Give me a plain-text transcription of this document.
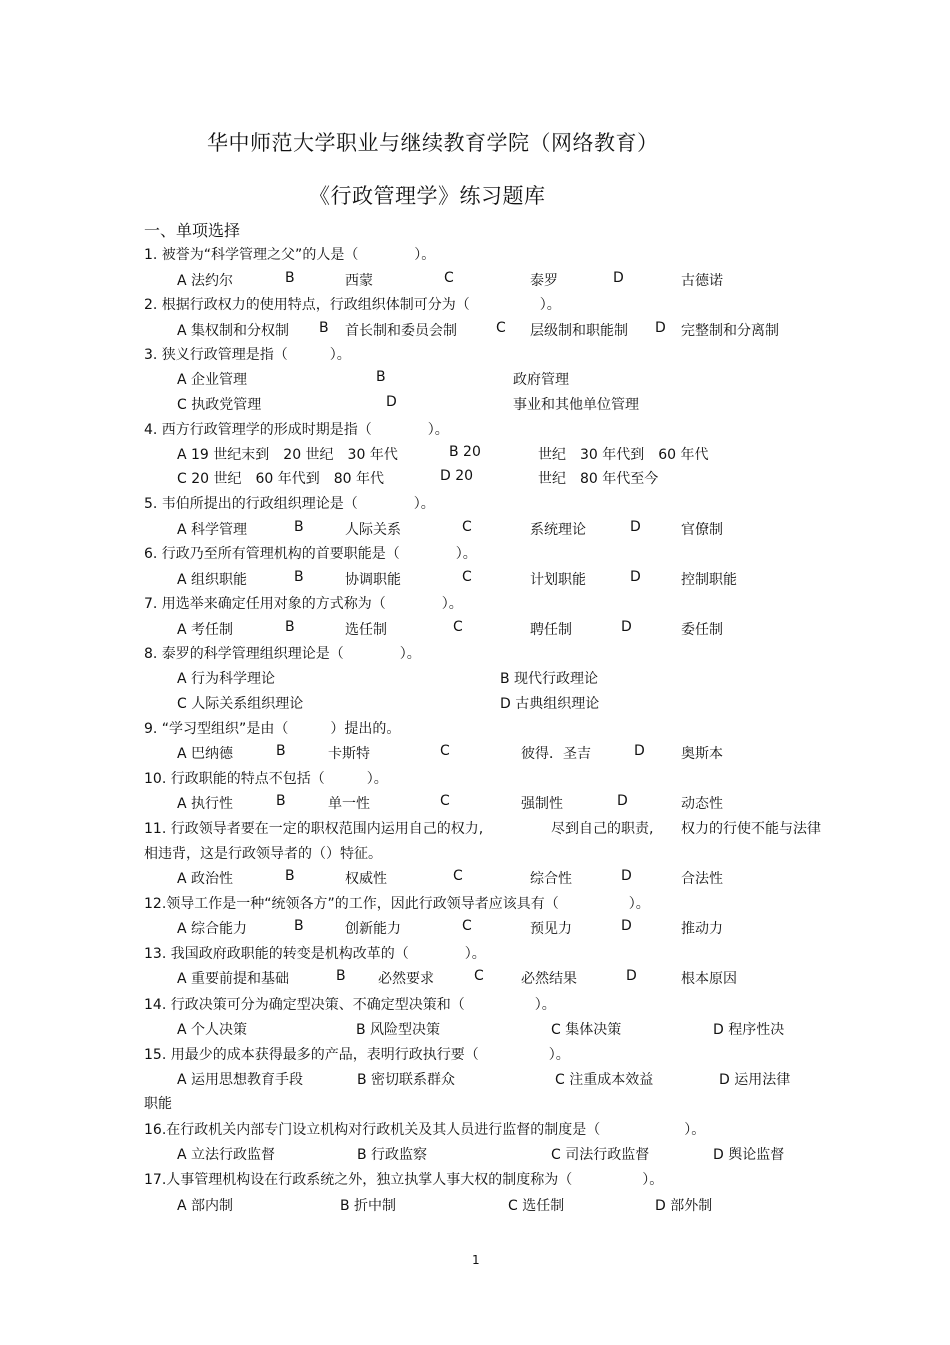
华中师范大学职业与继续教育学院（网络教育）
《行政管理学》练习题库
一、单项选择
1. 被誉为“科学管理之父”的人是（　　　　）。
A 法约尔	B	西蒙	C	泰罗	D	古德诺
2. 根据行政权力的使用特点，行政组织体制可分为（　　　　　）。
A 集权制和分权制 B 首长制和委员会制	C 层级制和职能制 D 完整制和分离制
3. 狭义行政管理是指（　　　）。
A 企业管理	B	政府管理
C 执政党管理	D	事业和其他单位管理
4. 西方行政管理学的形成时期是指（　　　　）。
A 19 世纪末到　20 世纪　30 年代	B 20	世纪　30 年代到　60 年代
C 20 世纪　60 年代到　80 年代	D 20	世纪　80 年代至今
5. 韦伯所提出的行政组织理论是（　　　　）。
A 科学管理	B	人际关系	C	系统理论	D	官僚制
6. 行政乃至所有管理机构的首要职能是（　　　　）。
A 组织职能	B	协调职能	C	计划职能	D	控制职能
7. 用选举来确定任用对象的方式称为（　　　　）。
A 考任制	B	选任制	C	聘任制	D	委任制
8. 泰罗的科学管理组织理论是（　　　　）。
A 行为科学理论	B 现代行政理论
C 人际关系组织理论	D 古典组织理论
9. “学习型组织”是由（　　　）提出的。
A 巴纳德	B	卡斯特	C	彼得．圣吉	D	奥斯本
10. 行政职能的特点不包括（　　　）。
A 执行性	B	单一性	C	强制性	D	动态性
11. 行政领导者要在一定的职权范围内运用自己的权力,	尽到自己的职责, 权力的行使不能与法律
相违背，这是行政领导者的（）特征。
A 政治性	B	权威性	C	综合性	D	合法性
12.领导工作是一种“统领各方”的工作，因此行政领导者应该具有（　　　　　）。
A 综合能力	B	创新能力	C	预见力	D	推动力
13. 我国政府政职能的转变是机构改革的（　　　　）。
A 重要前提和基础	B 必然要求	C	必然结果	D	根本原因
14. 行政决策可分为确定型决策、不确定型决策和（　　　　　）。
A 个人决策	B 风险型决策	C 集体决策	D 程序性决
15. 用最少的成本获得最多的产品，表明行政执行要（　　　　　）。
A 运用思想教育手段	B 密切联系群众	C 注重成本效益	D 运用法律
职能
16.在行政机关内部专门设立机构对行政机关及其人员进行监督的制度是（　　　　　　）。
A 立法行政监督	B 行政监察	C 司法行政监督	D 舆论监督
17.人事管理机构设在行政系统之外，独立执掌人事大权的制度称为（　　　　　）。
A 部内制	B 折中制	C 选任制	D 部外制
1
